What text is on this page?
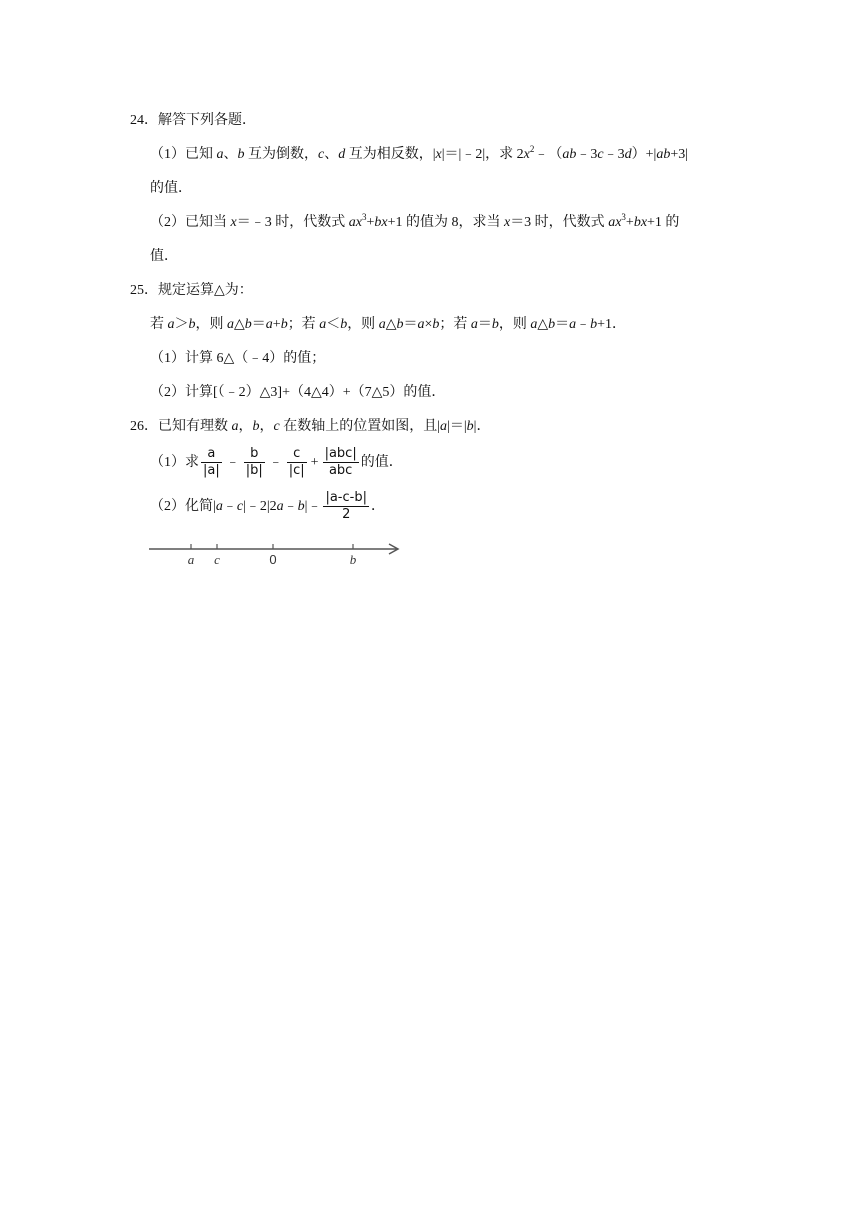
24．解答下列各题．
（1）已知 a、b 互为倒数，c、d 互为相反数，|x|＝|﹣2|，求 $2x^2﹣(ab﹣3c﹣3d)+|ab+3|$
的值．
（2）已知当 x＝﹣3 时，代数式 $ax^3+bx+1$ 的值为 8，求当 x＝3 时，代数式 $ax^3+bx+1$ 的
值．
25．规定运算△为：
若 a＞b，则 a△b＝a+b；若 a＜b，则 a△b＝a×b；若 a＝b，则 a△b＝a﹣b+1．
（1）计算 6△（﹣4）的值；
（2）计算[（﹣2）△3]+（4△4）+（7△5）的值．
26．已知有理数 a，b，c 在数轴上的位置如图，且|a|＝|b|．
（1）求 $\frac{a}{|a|}$ ﹣ $\frac{b}{|b|}$ ﹣ $\frac{c}{|c|} + \frac{\text{|abc|}}{\text{abc}}$ 的值．
（2）化简|a﹣c|﹣2|2a﹣b|﹣ $\frac{|a-c-b|}{2}$ ．
a c	0	b
